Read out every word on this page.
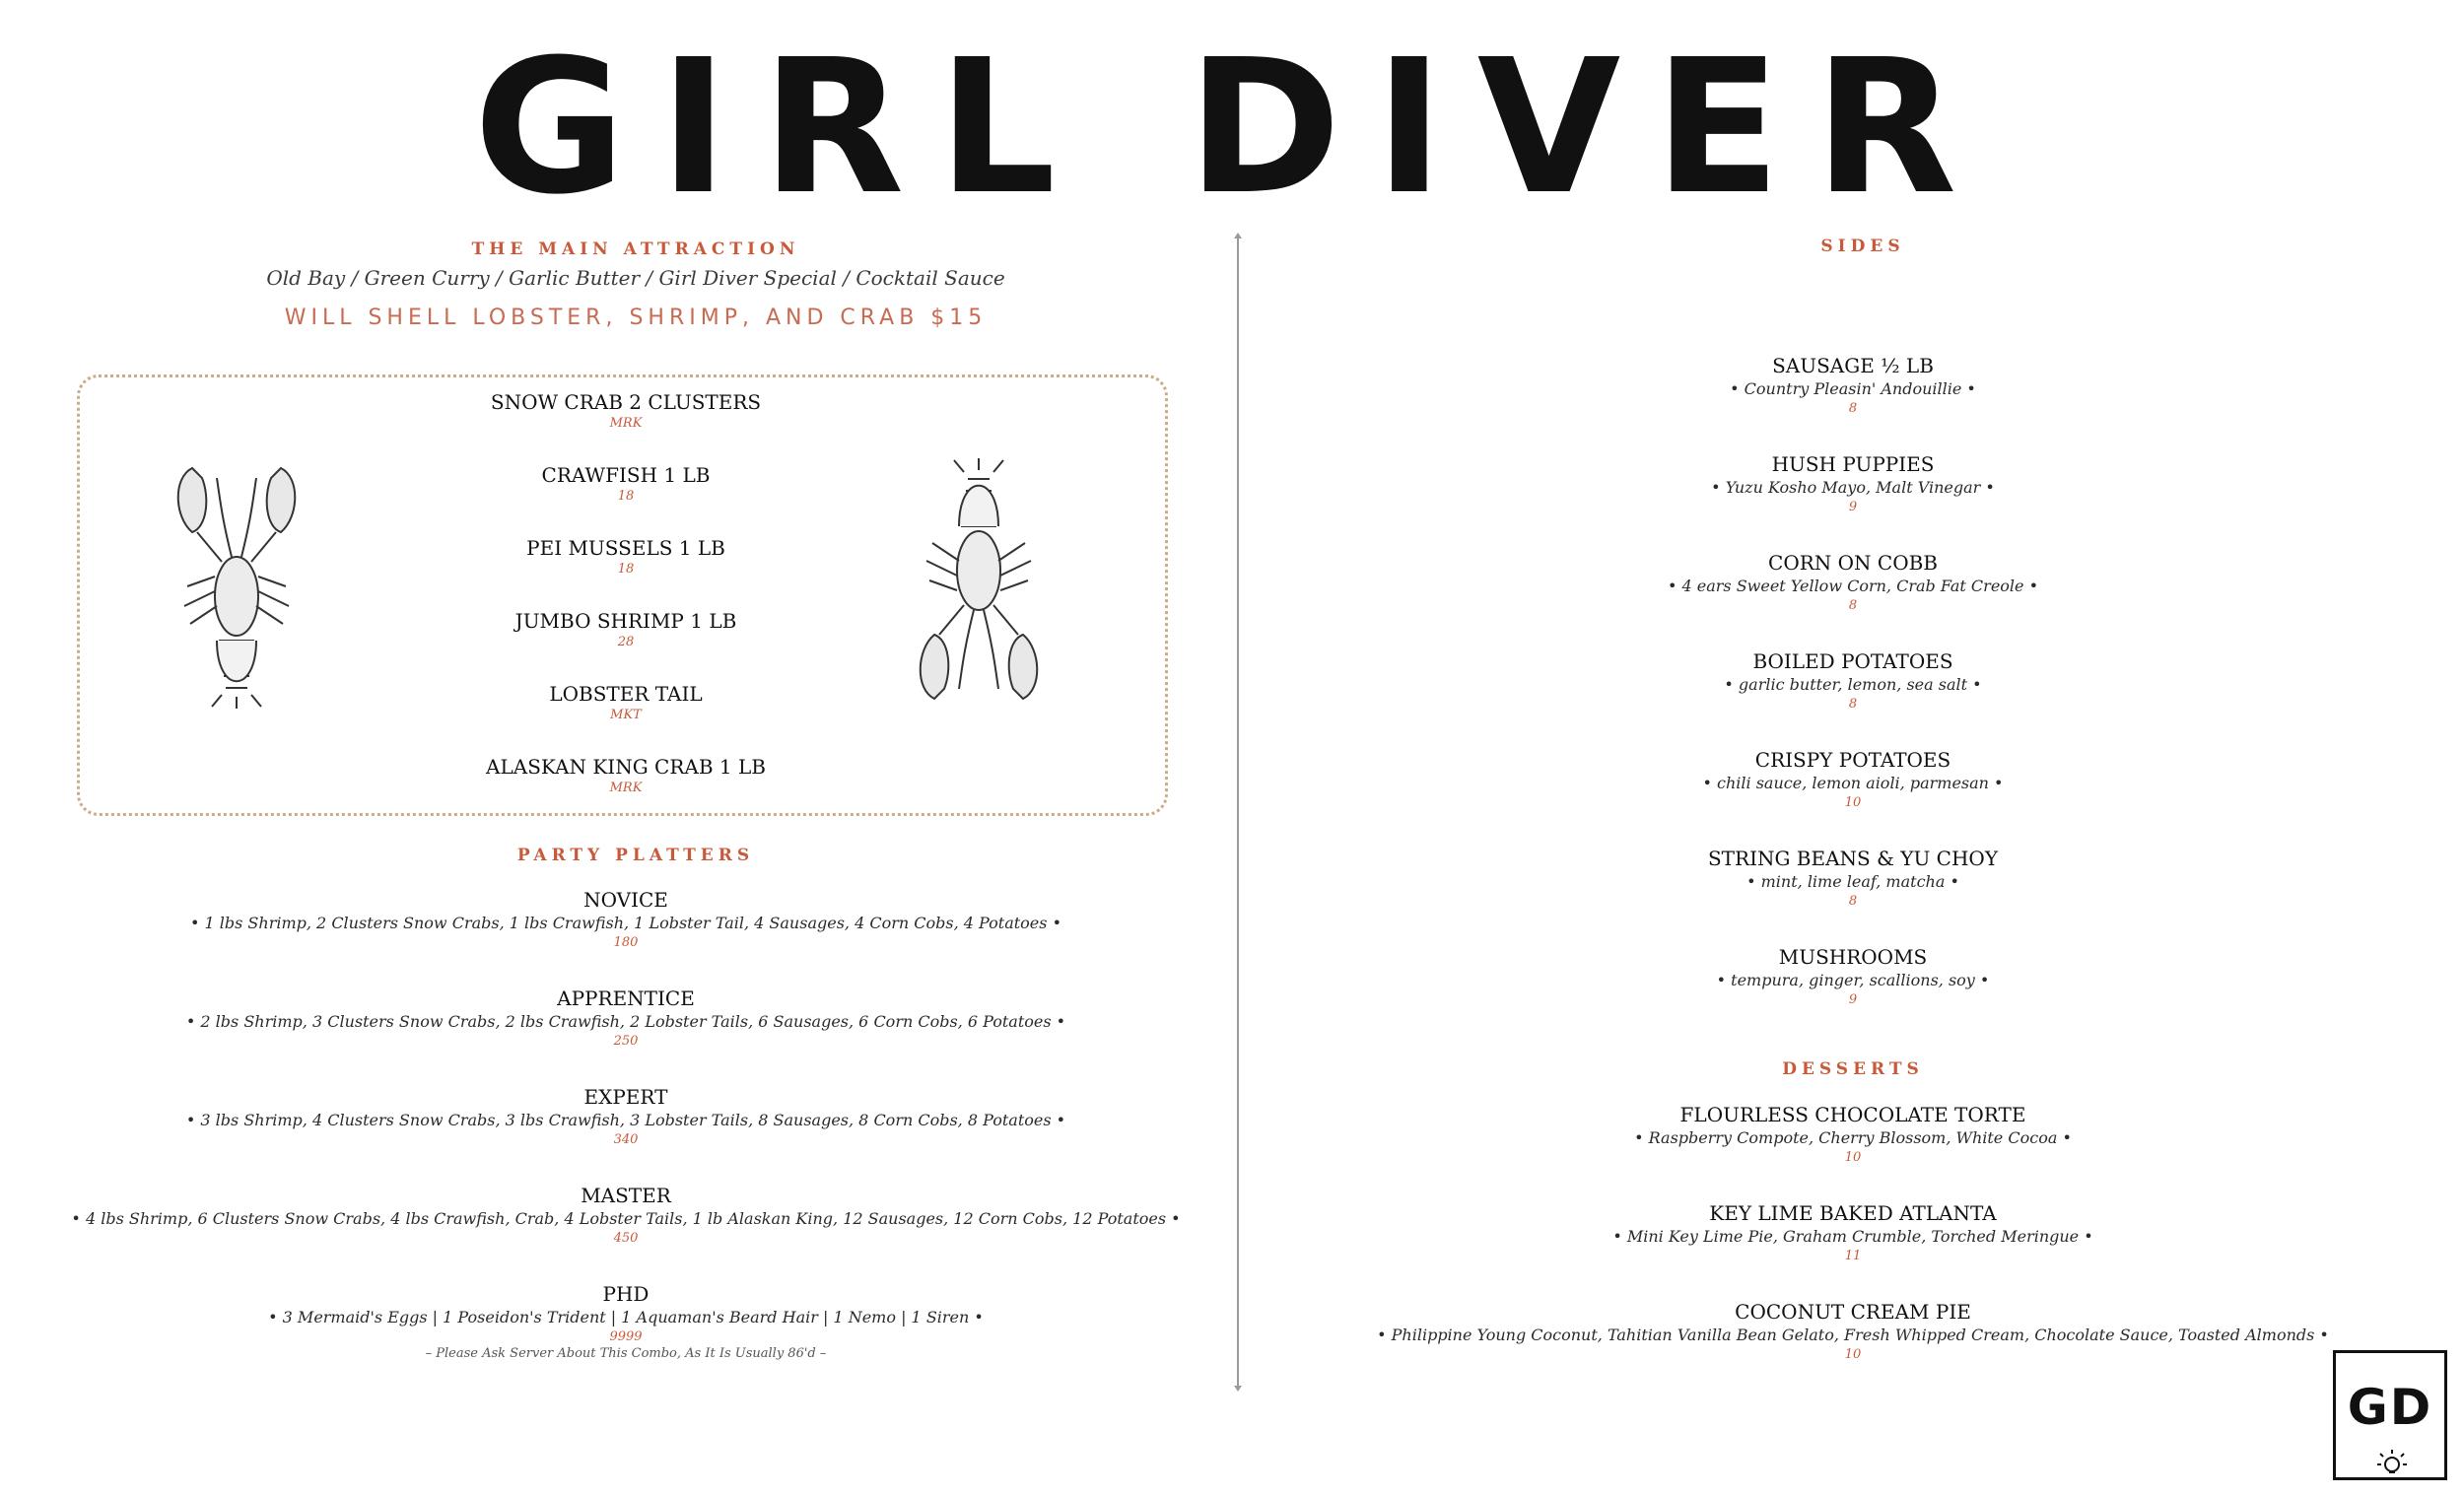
GIRL DIVER
THE MAIN ATTRACTION
Old Bay / Green Curry / Garlic Butter / Girl Diver Special / Cocktail Sauce
WILL SHELL LOBSTER, SHRIMP, AND CRAB $15
SNOW CRAB 2 CLUSTERS
MRK
CRAWFISH 1 LB
18
PEI MUSSELS 1 LB
18
JUMBO SHRIMP 1 LB
28
LOBSTER TAIL
MKT
ALASKAN KING CRAB 1 LB
MRK
PARTY PLATTERS
NOVICE
• 1 lbs Shrimp, 2 Clusters Snow Crabs, 1 lbs Crawfish, 1 Lobster Tail, 4 Sausages, 4 Corn Cobs, 4 Potatoes •
180
APPRENTICE
• 2 lbs Shrimp, 3 Clusters Snow Crabs, 2 lbs Crawfish, 2 Lobster Tails, 6 Sausages, 6 Corn Cobs, 6 Potatoes •
250
EXPERT
• 3 lbs Shrimp, 4 Clusters Snow Crabs, 3 lbs Crawfish, 3 Lobster Tails, 8 Sausages, 8 Corn Cobs, 8 Potatoes •
340
MASTER
• 4 lbs Shrimp, 6 Clusters Snow Crabs, 4 lbs Crawfish, Crab, 4 Lobster Tails, 1 lb Alaskan King, 12 Sausages, 12 Corn Cobs, 12 Potatoes •
450
PHD
• 3 Mermaid's Eggs | 1 Poseidon's Trident | 1 Aquaman's Beard Hair | 1 Nemo | 1 Siren •
9999
– Please Ask Server About This Combo, As It Is Usually 86'd –
SIDES
SAUSAGE ½ LB
• Country Pleasin' Andouillie •
8
HUSH PUPPIES
• Yuzu Kosho Mayo, Malt Vinegar •
9
CORN ON COBB
• 4 ears Sweet Yellow Corn, Crab Fat Creole •
8
BOILED POTATOES
• garlic butter, lemon, sea salt •
8
CRISPY POTATOES
• chili sauce, lemon aioli, parmesan •
10
STRING BEANS & YU CHOY
• mint, lime leaf, matcha •
8
MUSHROOMS
• tempura, ginger, scallions, soy •
9
DESSERTS
FLOURLESS CHOCOLATE TORTE
• Raspberry Compote, Cherry Blossom, White Cocoa •
10
KEY LIME BAKED ATLANTA
• Mini Key Lime Pie, Graham Crumble, Torched Meringue •
11
COCONUT CREAM PIE
• Philippine Young Coconut, Tahitian Vanilla Bean Gelato, Fresh Whipped Cream, Chocolate Sauce, Toasted Almonds •
10
GD
